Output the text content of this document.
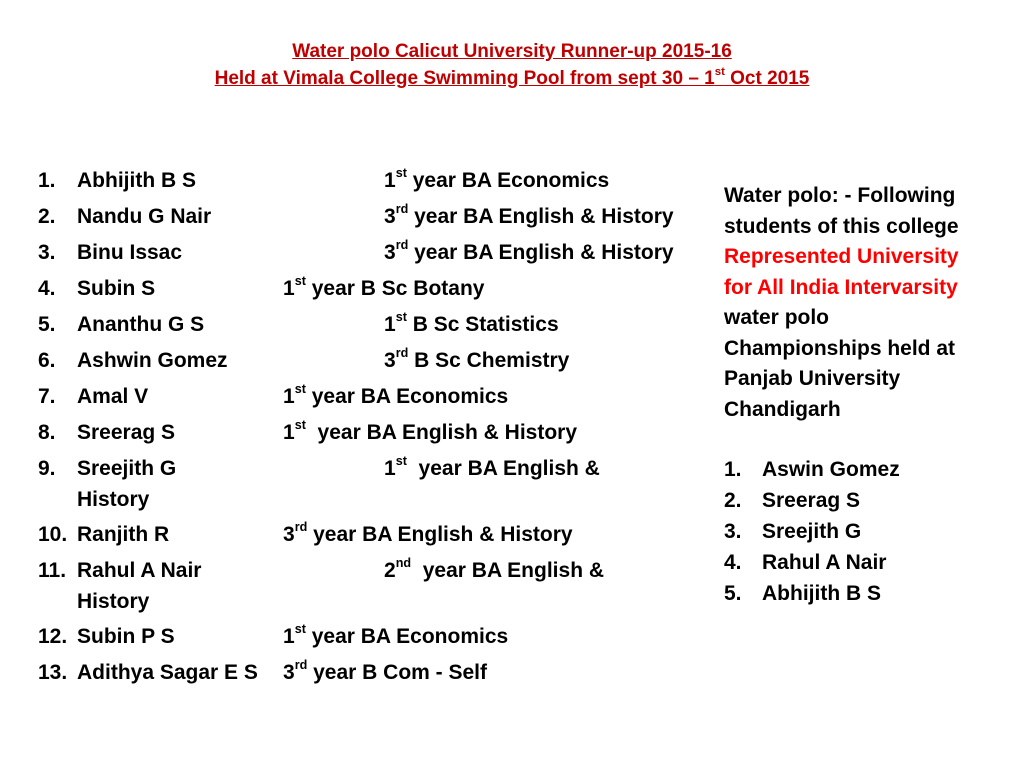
Water polo Calicut University Runner-up 2015-16
Held at Vimala College Swimming Pool from sept 30 – 1st Oct 2015
1. Abhijith B S	1st year BA Economics
2. Nandu G Nair	3rd year BA English & History
3. Binu Issac	3rd year BA English & History
4. Subin S	1st year B Sc Botany
5. Ananthu G S	1st B Sc Statistics
6. Ashwin Gomez	3rd B Sc Chemistry
7. Amal V	1st year BA Economics
8. Sreerag S	1st  year BA English & History
9. Sreejith G	1st  year BA English &
History
10. Ranjith R	3rd year BA English & History
11. Rahul A Nair	2nd  year BA English &
History
12. Subin P S	1st year BA Economics
13. Adithya Sagar E S 3rd year B Com - Self
Water polo: - Following
students of this college
Represented University
for All India Intervarsity
water polo
Championships held at
Panjab University
Chandigarh
1. Aswin Gomez
2. Sreerag S
3. Sreejith G
4. Rahul A Nair
5. Abhijith B S
